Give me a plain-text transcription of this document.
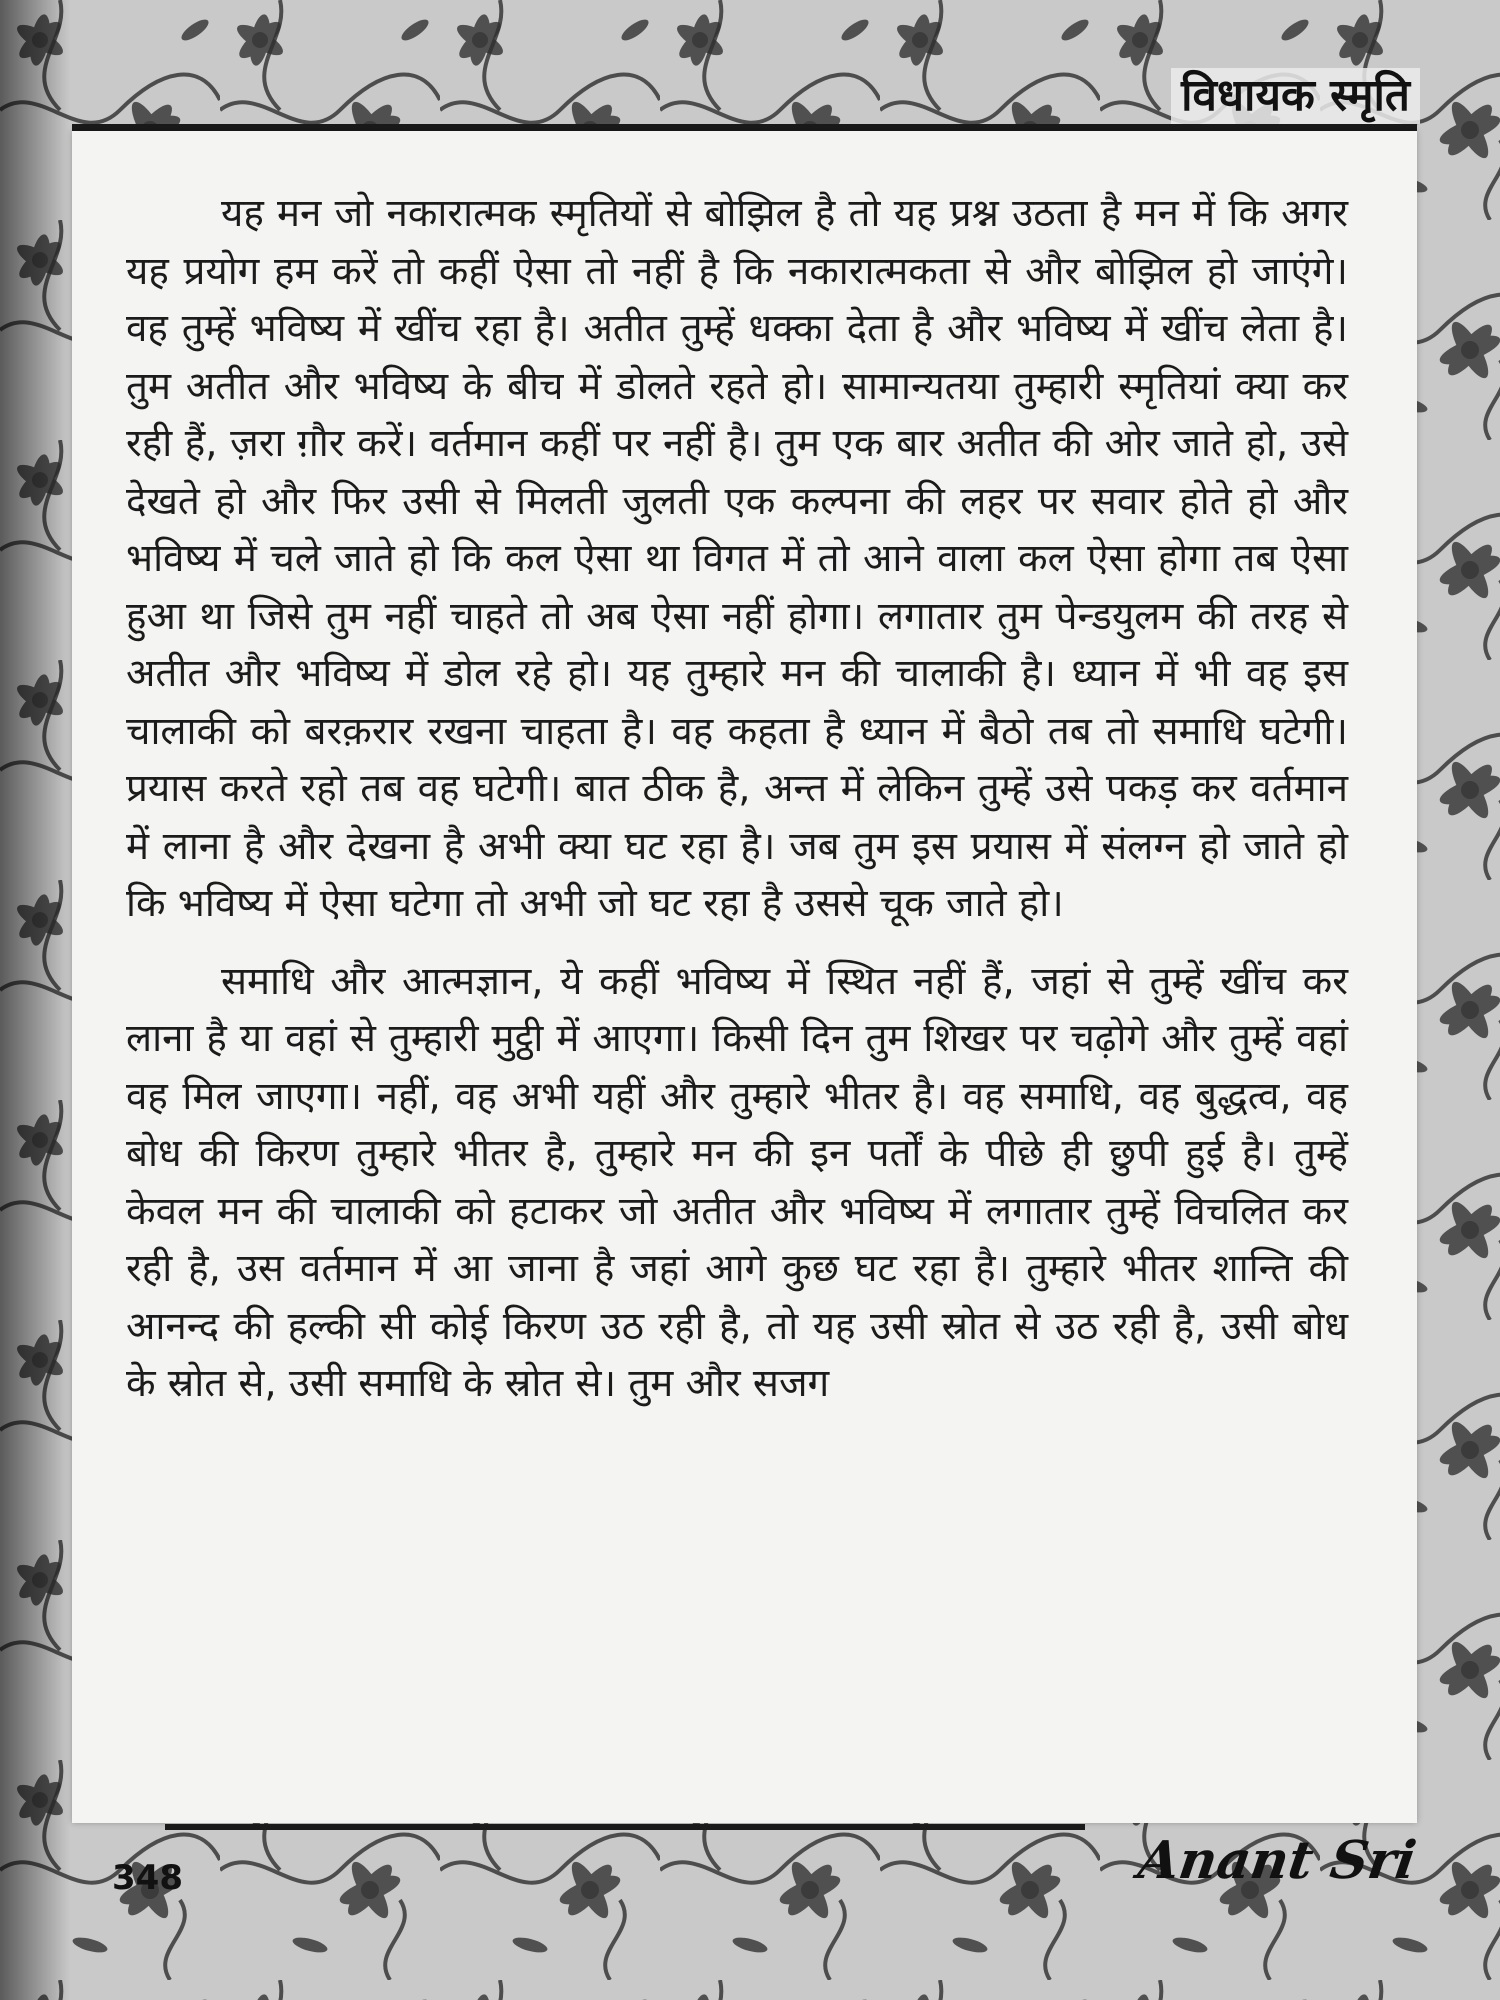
विधायक स्मृति

यह मन जो नकारात्मक स्मृतियों से बोझिल है तो यह प्रश्न उठता है मन में कि अगर यह प्रयोग हम करें तो कहीं ऐसा तो नहीं है कि नकारात्मकता से और बोझिल हो जाएंगे। वह तुम्हें भविष्य में खींच रहा है। अतीत तुम्हें धक्का देता है और भविष्य में खींच लेता है। तुम अतीत और भविष्य के बीच में डोलते रहते हो। सामान्यतया तुम्हारी स्मृतियां क्या कर रही हैं, ज़रा ग़ौर करें। वर्तमान कहीं पर नहीं है। तुम एक बार अतीत की ओर जाते हो, उसे देखते हो और फिर उसी से मिलती जुलती एक कल्पना की लहर पर सवार होते हो और भविष्य में चले जाते हो कि कल ऐसा था विगत में तो आने वाला कल ऐसा होगा तब ऐसा हुआ था जिसे तुम नहीं चाहते तो अब ऐसा नहीं होगा। लगातार तुम पेन्डयुलम की तरह से अतीत और भविष्य में डोल रहे हो। यह तुम्हारे मन की चालाकी है। ध्यान में भी वह इस चालाकी को बरक़रार रखना चाहता है। वह कहता है ध्यान में बैठो तब तो समाधि घटेगी। प्रयास करते रहो तब वह घटेगी। बात ठीक है, अन्त में लेकिन तुम्हें उसे पकड़ कर वर्तमान में लाना है और देखना है अभी क्या घट रहा है। जब तुम इस प्रयास में संलग्न हो जाते हो कि भविष्य में ऐसा घटेगा तो अभी जो घट रहा है उससे चूक जाते हो।

समाधि और आत्मज्ञान, ये कहीं भविष्य में स्थित नहीं हैं, जहां से तुम्हें खींच कर लाना है या वहां से तुम्हारी मुट्ठी में आएगा। किसी दिन तुम शिखर पर चढ़ोगे और तुम्हें वहां वह मिल जाएगा। नहीं, वह अभी यहीं और तुम्हारे भीतर है। वह समाधि, वह बुद्धत्व, वह बोध की किरण तुम्हारे भीतर है, तुम्हारे मन की इन पर्तों के पीछे ही छुपी हुई है। तुम्हें केवल मन की चालाकी को हटाकर जो अतीत और भविष्य में लगातार तुम्हें विचलित कर रही है, उस वर्तमान में आ जाना है जहां आगे कुछ घट रहा है। तुम्हारे भीतर शान्ति की आनन्द की हल्की सी कोई किरण उठ रही है, तो यह उसी स्रोत से उठ रही है, उसी बोध के स्रोत से, उसी समाधि के स्रोत से। तुम और सजग

348	Anant Sri
